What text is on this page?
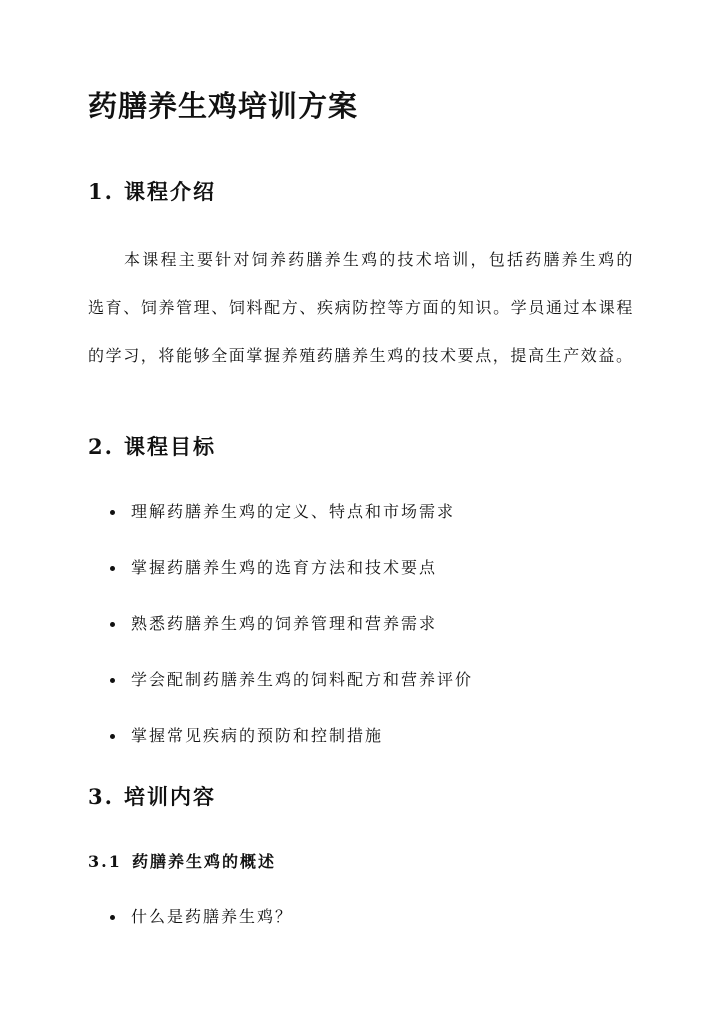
药膳养生鸡培训方案
1. 课程介绍

本课程主要针对饲养药膳养生鸡的技术培训，包括药膳养生鸡的选育、饲养管理、饲料配方、疾病防控等方面的知识。学员通过本课程的学习，将能够全面掌握养殖药膳养生鸡的技术要点，提高生产效益。

2. 课程目标
理解药膳养生鸡的定义、特点和市场需求
掌握药膳养生鸡的选育方法和技术要点
熟悉药膳养生鸡的饲养管理和营养需求
学会配制药膳养生鸡的饲料配方和营养评价
掌握常见疾病的预防和控制措施
3. 培训内容
3.1 药膳养生鸡的概述
什么是药膳养生鸡？
